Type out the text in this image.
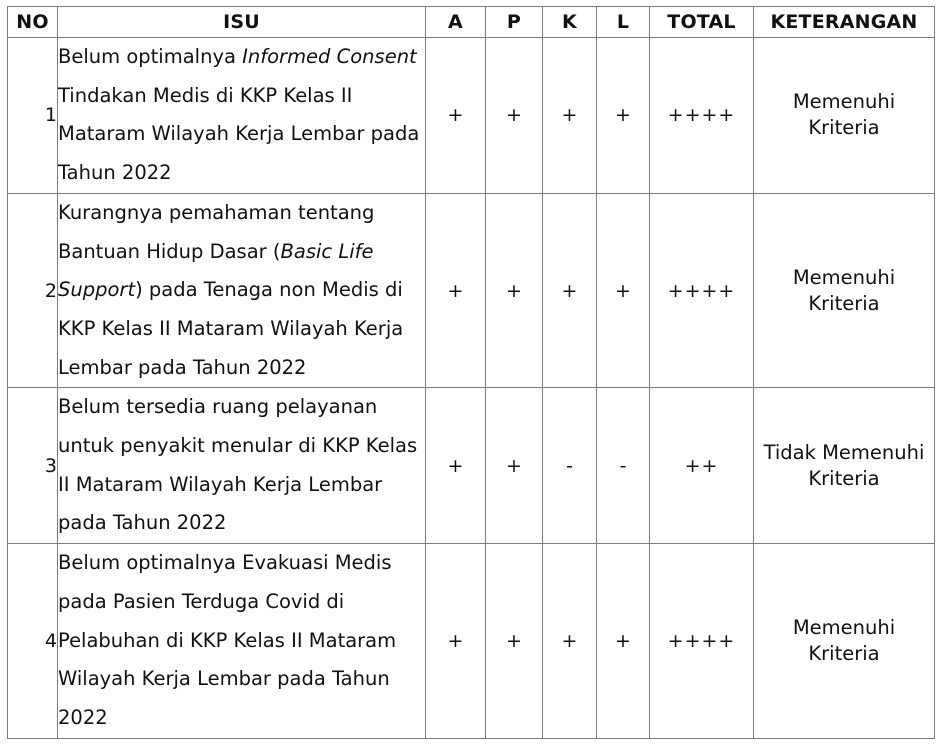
NO	ISU	A	P	K	L	TOTAL	KETERANGAN
1	Belum optimalnya Informed Consent Tindakan Medis di KKP Kelas II Mataram Wilayah Kerja Lembar pada Tahun 2022	+	+	+	+	++++	Memenuhi
Kriteria

2	Kurangnya pemahaman tentang Bantuan Hidup Dasar (Basic Life Support) pada Tenaga non Medis di KKP Kelas II Mataram Wilayah Kerja Lembar pada Tahun 2022	+	+	+	+	++++	Memenuhi
Kriteria

3	Belum tersedia ruang pelayanan untuk penyakit menular di KKP Kelas II Mataram Wilayah Kerja Lembar pada Tahun 2022	+	+	-	-	++	Tidak Memenuhi
Kriteria

4	Belum optimalnya Evakuasi Medis pada Pasien Terduga Covid di Pelabuhan di KKP Kelas II Mataram Wilayah Kerja Lembar pada Tahun 2022	+	+	+	+	++++	Memenuhi
Kriteria
